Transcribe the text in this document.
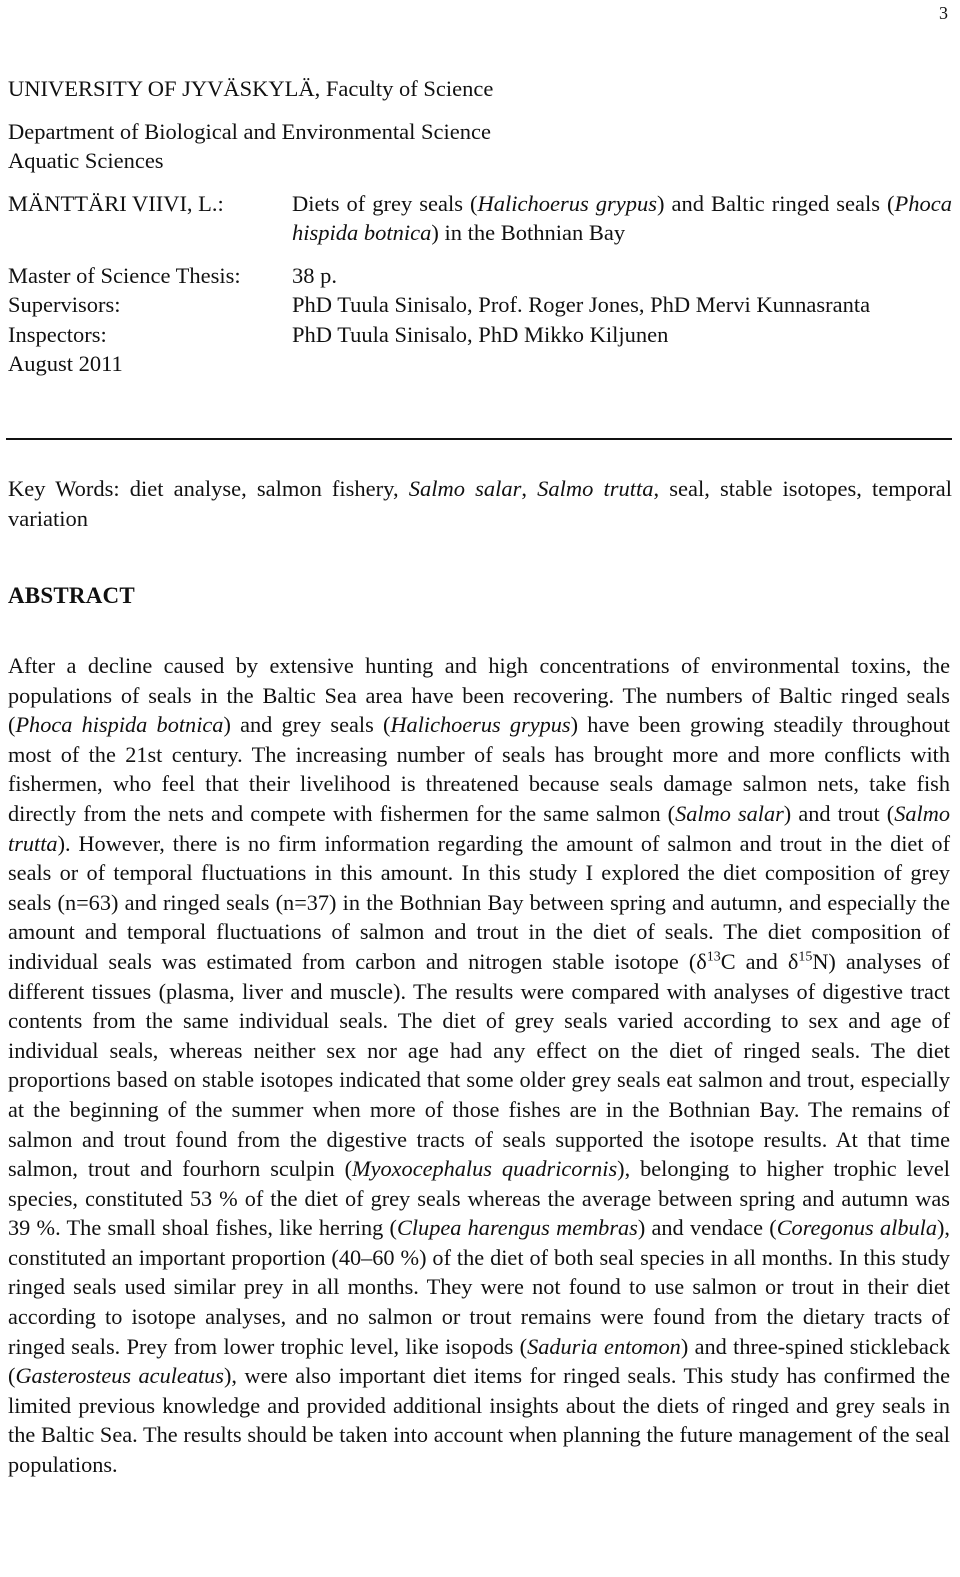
3
UNIVERSITY OF JYVÄSKYLÄ, Faculty of Science
Department of Biological and Environmental Science
Aquatic Sciences
MÄNTTÄRI VIIVI, L.:	Diets of grey seals (Halichoerus grypus) and Baltic ringed seals (Phoca hispida botnica) in the Bothnian Bay
Master of Science Thesis:	38 p.
Supervisors:	PhD Tuula Sinisalo, Prof. Roger Jones, PhD Mervi Kunnasranta
Inspectors:	PhD Tuula Sinisalo, PhD Mikko Kiljunen
August 2011
Key Words: diet analyse, salmon fishery, Salmo salar, Salmo trutta, seal, stable isotopes, temporal variation
ABSTRACT

After a decline caused by extensive hunting and high concentrations of environmental toxins, the populations of seals in the Baltic Sea area have been recovering. The numbers of Baltic ringed seals (Phoca hispida botnica) and grey seals (Halichoerus grypus) have been growing steadily throughout most of the 21st century. The increasing number of seals has brought more and more conflicts with fishermen, who feel that their livelihood is threatened because seals damage salmon nets, take fish directly from the nets and compete with fishermen for the same salmon (Salmo salar) and trout (Salmo trutta). However, there is no firm information regarding the amount of salmon and trout in the diet of seals or of temporal fluctuations in this amount. In this study I explored the diet composition of grey seals (n=63) and ringed seals (n=37) in the Bothnian Bay between spring and autumn, and especially the amount and temporal fluctuations of salmon and trout in the diet of seals. The diet composition of individual seals was estimated from carbon and nitrogen stable isotope ($\delta^{13}C$ and $\delta^{15}N$) analyses of different tissues (plasma, liver and muscle). The results were compared with analyses of digestive tract contents from the same individual seals. The diet of grey seals varied according to sex and age of individual seals, whereas neither sex nor age had any effect on the diet of ringed seals. The diet proportions based on stable isotopes indicated that some older grey seals eat salmon and trout, especially at the beginning of the summer when more of those fishes are in the Bothnian Bay. The remains of salmon and trout found from the digestive tracts of seals supported the isotope results. At that time salmon, trout and fourhorn sculpin (Myoxocephalus quadricornis), belonging to higher trophic level species, constituted 53 % of the diet of grey seals whereas the average between spring and autumn was 39 %. The small shoal fishes, like herring (Clupea harengus membras) and vendace (Coregonus albula), constituted an important proportion (40–60 %) of the diet of both seal species in all months. In this study ringed seals used similar prey in all months. They were not found to use salmon or trout in their diet according to isotope analyses, and no salmon or trout remains were found from the dietary tracts of ringed seals. Prey from lower trophic level, like isopods (Saduria entomon) and three-spined stickleback (Gasterosteus aculeatus), were also important diet items for ringed seals. This study has confirmed the limited previous knowledge and provided additional insights about the diets of ringed and grey seals in the Baltic Sea. The results should be taken into account when planning the future management of the seal populations.
